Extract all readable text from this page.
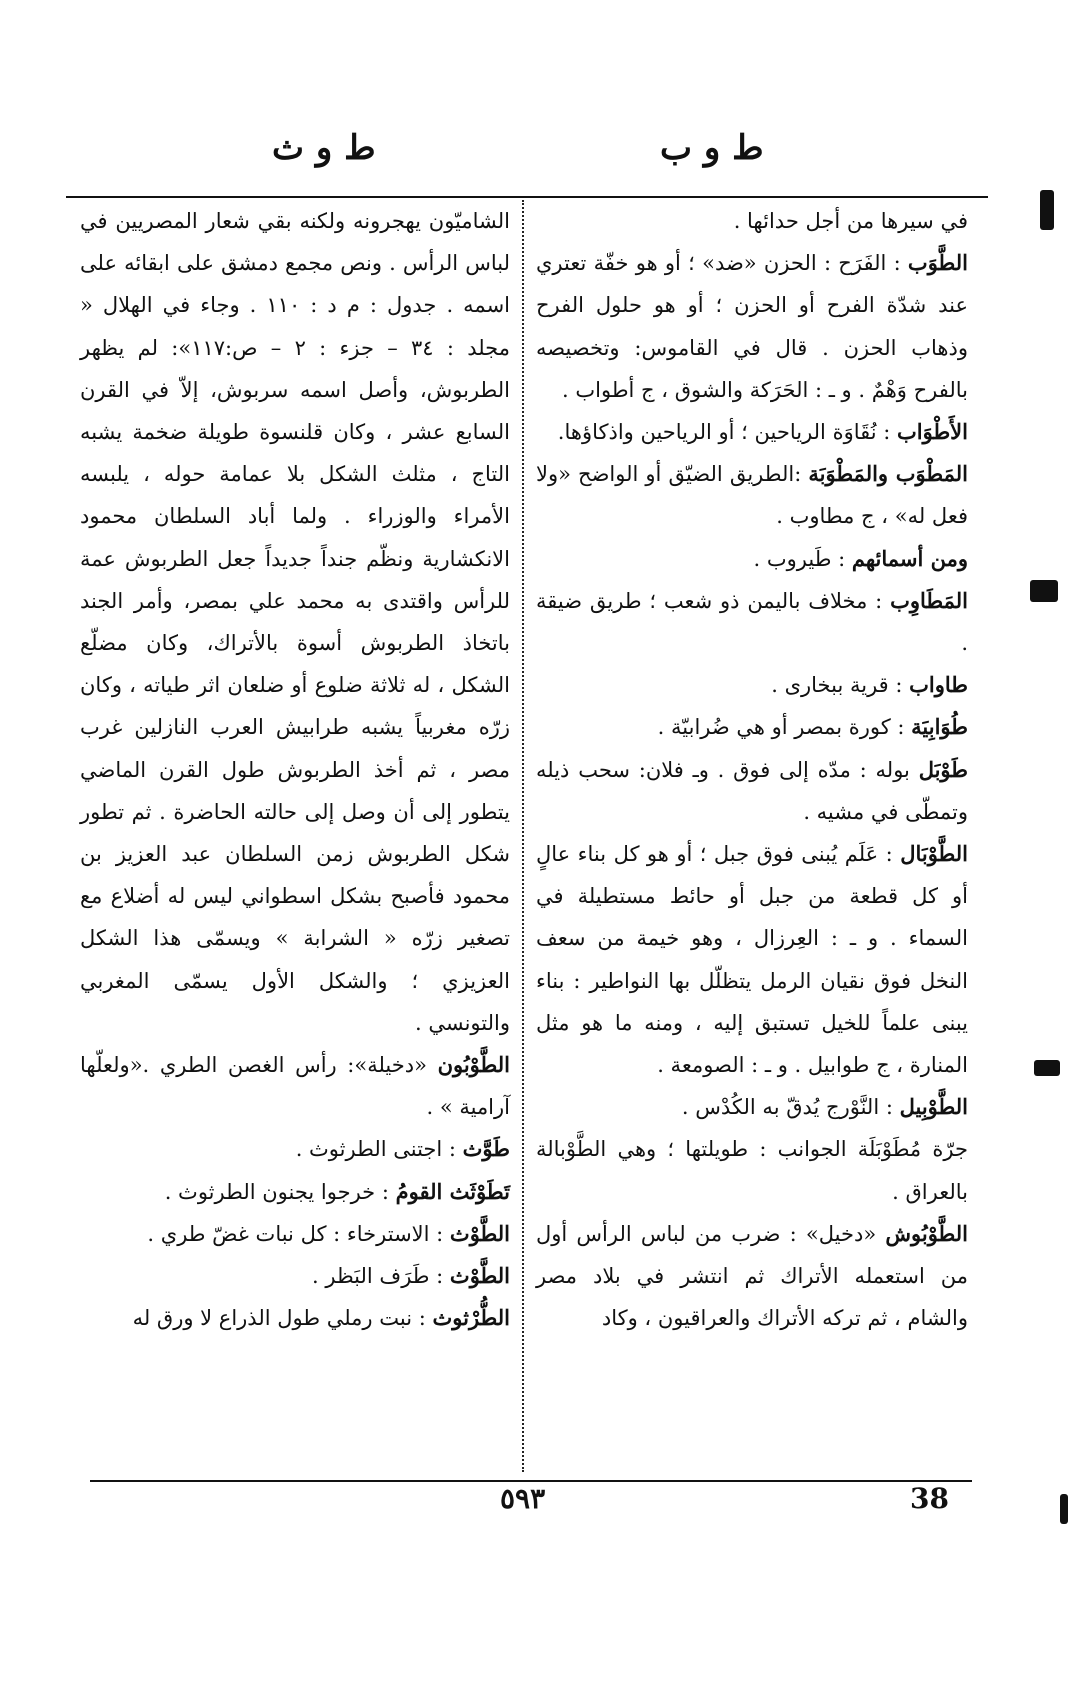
ط و ب
ط و ث

في سيرها من أجل حدائها .

الطَّوَب : الفَرَح : الحزن «ضد» ؛ أو هو خفّة تعتري عند شدّة الفرح أو الحزن ؛ أو هو حلول الفرح وذهاب الحزن . قال في القاموس: وتخصيصه بالفرح وَهْمٌ . و ـ : الحَرَكة والشوق ، ج أطواب .

الأَطْوَاب : نُقَاوَة الرياحين ؛ أو الرياحين واذكاؤها.

المَطْوَب والمَطْوَبَة :الطريق الضيّق أو الواضح «ولا فعل له» ، ج مطاوب .

ومن أسمائهم : طَيروب .

المَطَاوِب : مخلاف باليمن ذو شعب ؛ طريق ضيقة .

طاواب : قرية ببخارى .

طُوَابِيَة : كورة بمصر أو هي ضُرابيّة .

طَوْبَل بوله : مدّه إلى فوق . وـ فلان: سحب ذيله وتمطّى في مشيه .

الطَّوْبَال : عَلَم يُبنى فوق جبل ؛ أو هو كل بناء عالٍ أو كل قطعة من جبل أو حائط مستطيلة في السماء . و ـ : العِرزال ، وهو خيمة من سعف النخل فوق نقيان الرمل يتظلّل بها النواطير : بناء يبنى علماً للخيل تستبق إليه ، ومنه ما هو مثل المنارة ، ج طوابيل . و ـ : الصومعة .

الطَّوْبِيل : النَّوْرج يُدقّ به الكُدْس .

جرّة مُطَوْبَلَة الجوانب : طويلتها ؛ وهي الطَّوْبالة بالعراق .

الطَّوْبُوش «دخيل» : ضرب من لباس الرأس أول من استعمله الأتراك ثم انتشر في بلاد مصر والشام ، ثم تركه الأتراك والعراقيون ، وكاد

الشاميّون يهجرونه ولكنه بقي شعار المصريين في لباس الرأس . ونص مجمع دمشق على ابقائه على اسمه . جدول : م د : ١١٠ . وجاء في الهلال « مجلد : ٣٤ – جزء : ٢ – ص:١١٧»: لم يظهر الطربوش، وأصل اسمه سربوش، إلاّ في القرن السابع عشر ، وكان قلنسوة طويلة ضخمة يشبه التاج ، مثلث الشكل بلا عمامة حوله ، يلبسه الأمراء والوزراء . ولما أباد السلطان محمود الانكشارية ونظّم جنداً جديداً جعل الطربوش عمة للرأس واقتدى به محمد علي بمصر، وأمر الجند باتخاذ الطربوش أسوة بالأتراك، وكان مضلّع الشكل ، له ثلاثة ضلوع أو ضلعان اثر طياته ، وكان زرّه مغربياً يشبه طرابيش العرب النازلين غرب مصر ، ثم أخذ الطربوش طول القرن الماضي يتطور إلى أن وصل إلى حالته الحاضرة . ثم تطور شكل الطربوش زمن السلطان عبد العزيز بن محمود فأصبح بشكل اسطواني ليس له أضلاع مع تصغير زرّه « الشرابة » ويسمّى هذا الشكل العزيزي ؛ والشكل الأول يسمّى المغربي والتونسي .

الطَّوْبُون «دخيلة»: رأس الغصن الطري .«ولعلّها آرامية » .

طَوَّث : اجتنى الطرثوث .

تَطَوْثَث القومُ : خرجوا يجنون الطرثوث .

الطَّوْث : الاسترخاء : كل نبات غضّ طري .

الطَّوْث : طَرَف البَظر .

الطُّرْثوث : نبت رملي طول الذراع لا ورق له

38
٥٩٣
